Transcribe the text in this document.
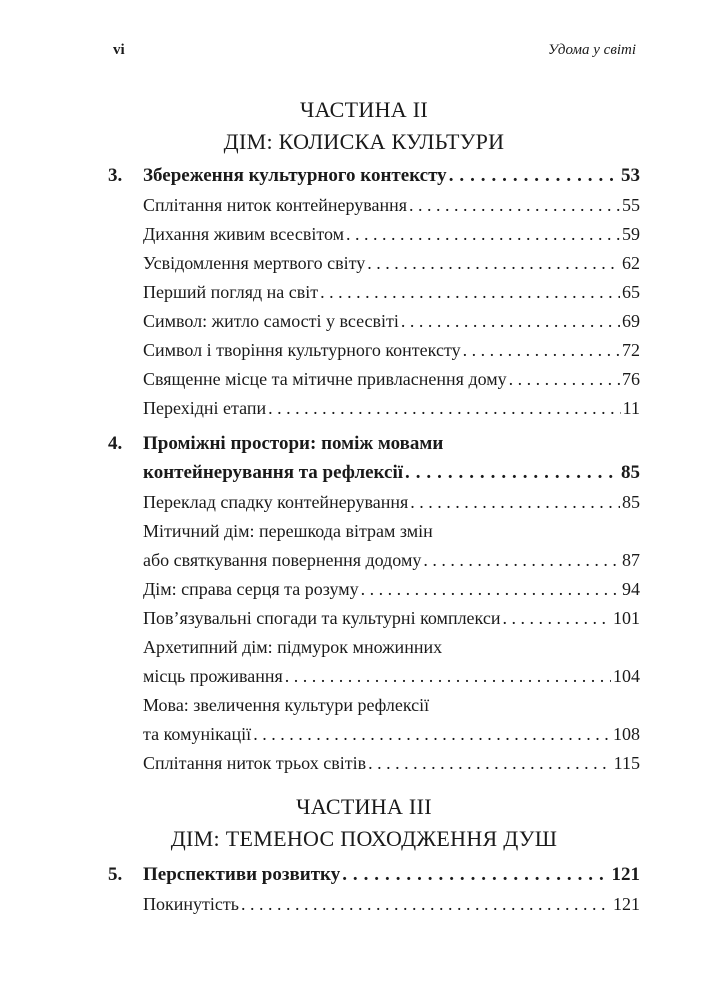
vi	Удома у світі
ЧАСТИНА II
ДІМ: КОЛИСКА КУЛЬТУРИ
3. Збереження культурного контексту . . .	53
Сплітання ниток контейнерування . . .	55
Дихання живим всесвітом . . .	59
Усвідомлення мертвого світу . . .	62
Перший погляд на світ . . .	65
Символ: житло самості у всесвіті . . .	69
Символ і творіння культурного контексту . . .	72
Священне місце та мітичне привласнення дому . . .	76
Перехідні етапи . . .	11
4. Проміжні простори: поміж мовами
контейнерування та рефлексії . . .	85
Переклад спадку контейнерування . . .	85
Мітичний дім: перешкода вітрам змін
або святкування повернення додому . . .	87
Дім: справа серця та розуму . . .	94
Пов’язувальні спогади та культурні комплекси . . .	101
Архетипний дім: підмурок множинних
місць проживання . . .	104
Мова: звеличення культури рефлексії
та комунікації . . .	108
Сплітання ниток трьох світів . . .	115
ЧАСТИНА III
ДІМ: ТЕМЕНОС ПОХОДЖЕННЯ ДУШ
5. Перспективи розвитку . . .	121
Покинутість . . .	121
